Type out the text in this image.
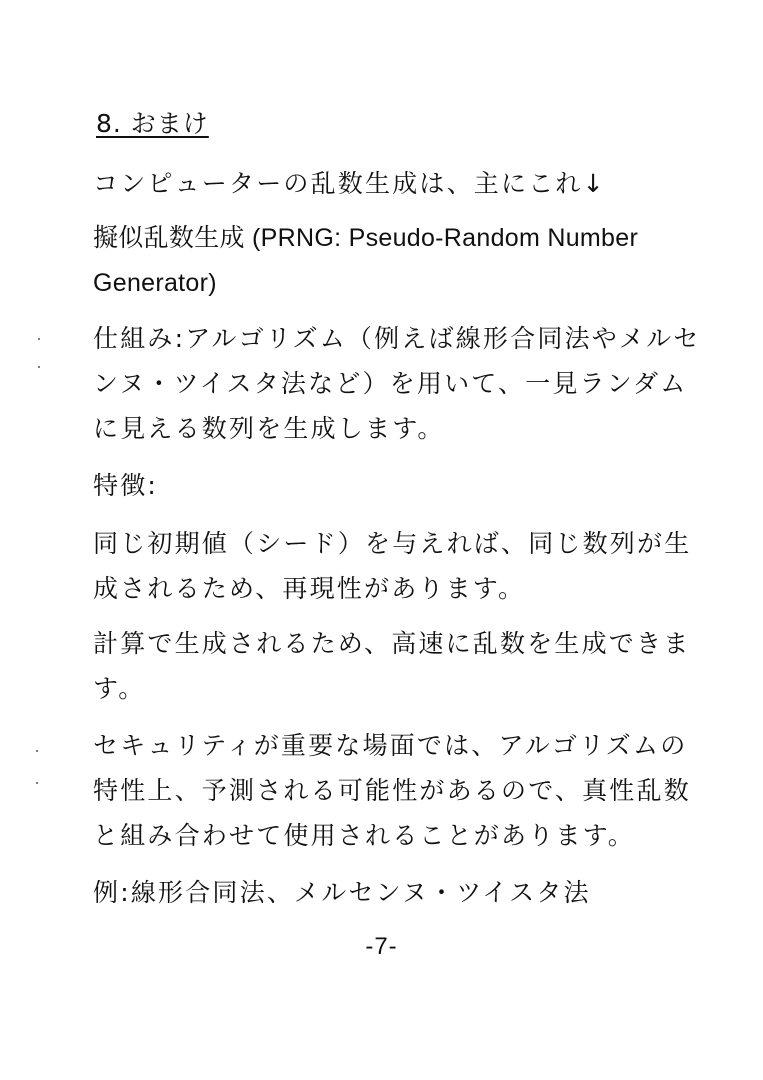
8. おまけ
コンピューターの乱数生成は、主にこれ↓
擬似乱数生成 (PRNG: Pseudo-Random Number
Generator)
仕組み:アルゴリズム（例えば線形合同法やメルセ
ンヌ・ツイスタ法など）を用いて、一見ランダム
に見える数列を生成します。
特徴:
同じ初期値（シード）を与えれば、同じ数列が生
成されるため、再現性があります。
計算で生成されるため、高速に乱数を生成できま
す。
セキュリティが重要な場面では、アルゴリズムの
特性上、予測される可能性があるので、真性乱数
と組み合わせて使用されることがあります。
例:線形合同法、メルセンヌ・ツイスタ法
-7-
